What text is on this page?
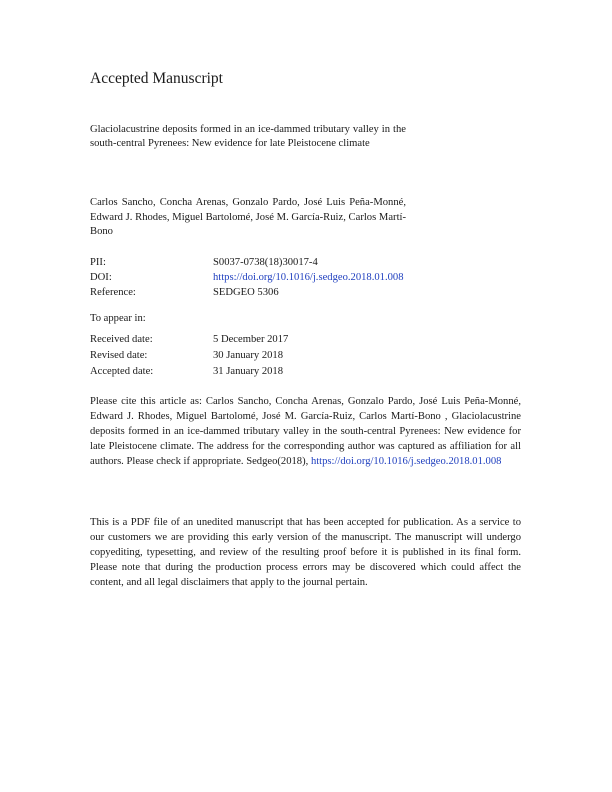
Accepted Manuscript
Glaciolacustrine deposits formed in an ice-dammed tributary valley in the south-central Pyrenees: New evidence for late Pleistocene climate
Carlos Sancho, Concha Arenas, Gonzalo Pardo, José Luis Peña-Monné, Edward J. Rhodes, Miguel Bartolomé, José M. García-Ruiz, Carlos Martí-Bono
PII:	S0037-0738(18)30017-4
DOI:	https://doi.org/10.1016/j.sedgeo.2018.01.008
Reference:	SEDGEO 5306
To appear in:
Received date:	5 December 2017
Revised date:	30 January 2018
Accepted date:	31 January 2018
Please cite this article as: Carlos Sancho, Concha Arenas, Gonzalo Pardo, José Luis Peña-Monné, Edward J. Rhodes, Miguel Bartolomé, José M. García-Ruiz, Carlos Martí-Bono , Glaciolacustrine deposits formed in an ice-dammed tributary valley in the south-central Pyrenees: New evidence for late Pleistocene climate. The address for the corresponding author was captured as affiliation for all authors. Please check if appropriate. Sedgeo(2018), https://doi.org/10.1016/j.sedgeo.2018.01.008
This is a PDF file of an unedited manuscript that has been accepted for publication. As a service to our customers we are providing this early version of the manuscript. The manuscript will undergo copyediting, typesetting, and review of the resulting proof before it is published in its final form. Please note that during the production process errors may be discovered which could affect the content, and all legal disclaimers that apply to the journal pertain.
